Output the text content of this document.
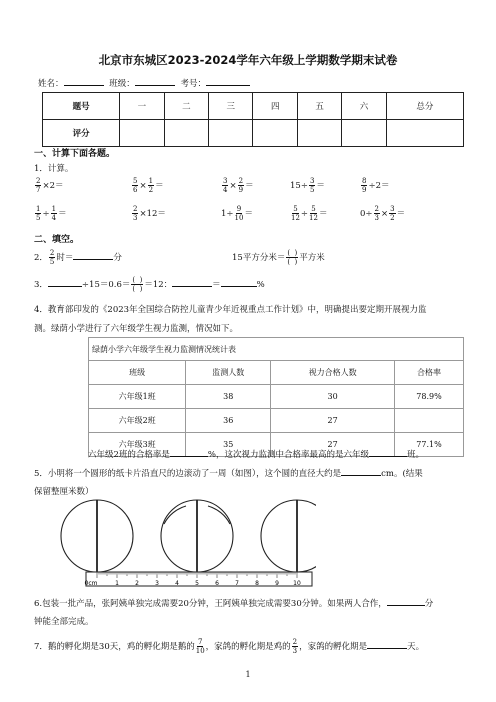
北京市东城区2023-2024学年六年级上学期数学期末试卷
姓名：	班级：	考号：
题号	一	二	三	四	五	六	总分
评分							
一、计算下面各题。
1．计算。
$\frac{2}{7} \times 2=$	$\frac{5}{6} \times \frac{1}{2}$ ＝	$\frac{3}{4} \times \frac{2}{9}$ ＝	$15\div \frac{3}{5}$ ＝	$\frac{8}{9} \div 2=$
$\frac{1}{5} \div \frac{1}{4}$ ＝	$\frac{2}{3} \times 12=$	$1\div \frac{9}{10}$ ＝	$\frac{5}{12} \div \frac{5}{12}$ ＝	$0\div \frac{2}{3} \times \frac{3}{2}$ ＝
二、填空。
2． $\frac{2}{5}$ 时＝	分	15平方分米＝ $\frac{( )}{( )}$ 平方米
3．	$\div 15=0.6= \frac{( )}{( )} =12$：	＝	%
4．教育部印发的《2023年全国综合防控儿童青少年近视重点工作计划》中，明确提出要定期开展视力监
测。绿荫小学进行了六年级学生视力监测，情况如下。
绿荫小学六年级学生视力监测情况统计表			
班级	监测人数	视力合格人数	合格率
六年级1班	38	30	78.9%
六年级2班	36	27	
六年级3班	35	27	77.1%
六年级2班的合格率是	%，这次视力监测中合格率最高的是六年级	班。
5．小明将一个圆形的纸卡片沿直尺的边滚动了一周（如图），这个圆的直径大约是	cm。(结果
保留整厘米数）
0cm	1	2	3	4	5	6	7	8	9 10
6.包装一批产品，张阿姨单独完成需要20分钟，王阿姨单独完成需要30分钟。如果两人合作，	分
钟能全部完成。
7．鹅的孵化期是30天，鸡的孵化期是鹅的 $\frac{7}{10}$ ，家鸽的孵化期是鸡的 $\frac{2}{3}$ ，家鸽的孵化期是	天。
1
